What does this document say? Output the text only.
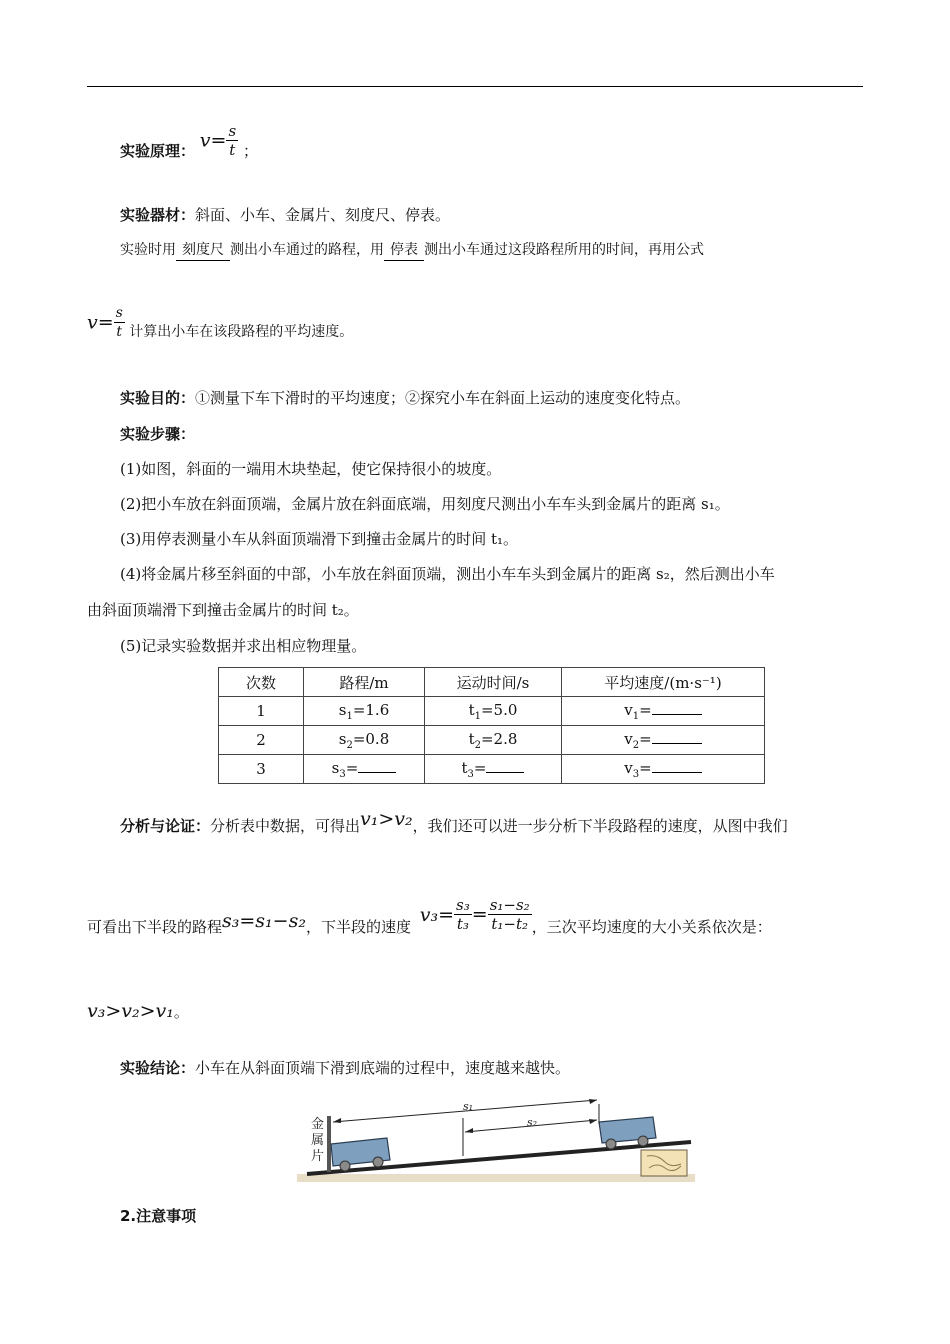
实验原理： $v= \frac{s}{t}$ ；
实验器材：斜面、小车、金属片、刻度尺、停表。
实验时用 刻度尺 测出小车通过的路程，用 停表 测出小车通过这段路程所用的时间，再用公式
$v= \frac{s}{t}$ 计算出小车在该段路程的平均速度。
实验目的：①测量下车下滑时的平均速度；②探究小车在斜面上运动的速度变化特点。
实验步骤：
(1)如图，斜面的一端用木块垫起，使它保持很小的坡度。
(2)把小车放在斜面顶端，金属片放在斜面底端，用刻度尺测出小车车头到金属片的距离 s₁。
(3)用停表测量小车从斜面顶端滑下到撞击金属片的时间 t₁。
(4)将金属片移至斜面的中部，小车放在斜面顶端，测出小车车头到金属片的距离 s₂，然后测出小车
由斜面顶端滑下到撞击金属片的时间 t₂。
(5)记录实验数据并求出相应物理量。
次数	路程/m	运动时间/s	平均速度/(m·s⁻¹)
1	$s_1=1.6$	$t_1=5.0$	$v_1=$
2	$s_2=0.8$	$t_2=2.8$	$v_2=$
3	$s_3=$	$t_3=$	$v_3=$
分析与论证：分析表中数据，可得出v₁>v₂，我们还可以进一步分析下半段路程的速度，从图中我们
可看出下半段的路程s₃=s₁−s₂，下半段的速度 $v_3= \frac{\text{s₃}}{\text{t₃}} = \frac{\text{s₁−s₂}}{\text{t₁−t₂}}$ ，三次平均速度的大小关系依次是：
v₃>v₂>v₁。
实验结论：小车在从斜面顶端下滑到底端的过程中，速度越来越快。
金
属
片
s₁
s₂
2.注意事项
